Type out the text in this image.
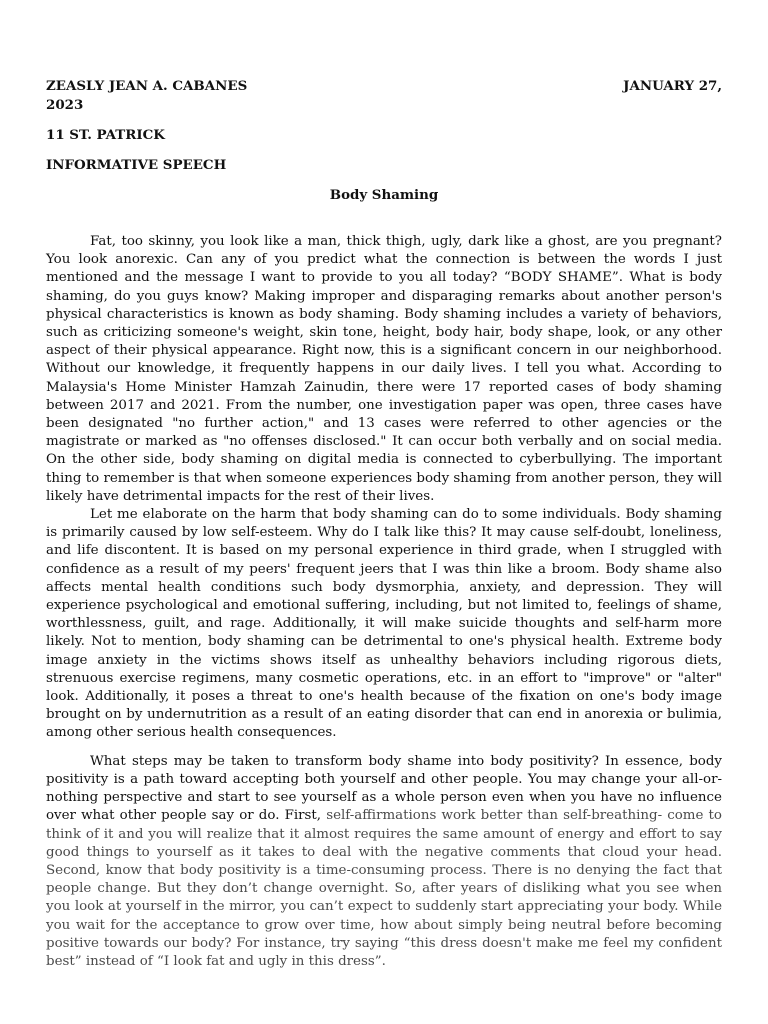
ZEASLY JEAN A. CABANES	JANUARY 27,
2023
11 ST. PATRICK
INFORMATIVE SPEECH
Body Shaming

Fat, too skinny, you look like a man, thick thigh, ugly, dark like a ghost, are you pregnant? You look anorexic. Can any of you predict what the connection is between the words I just mentioned and the message I want to provide to you all today? “BODY SHAME”. What is body shaming, do you guys know? Making improper and disparaging remarks about another person's physical characteristics is known as body shaming. Body shaming includes a variety of behaviors, such as criticizing someone's weight, skin tone, height, body hair, body shape, look, or any other aspect of their physical appearance. Right now, this is a significant concern in our neighborhood. Without our knowledge, it frequently happens in our daily lives. I tell you what. According to Malaysia's Home Minister Hamzah Zainudin, there were 17 reported cases of body shaming between 2017 and 2021. From the number, one investigation paper was open, three cases have been designated "no further action," and 13 cases were referred to other agencies or the magistrate or marked as "no offenses disclosed." It can occur both verbally and on social media. On the other side, body shaming on digital media is connected to cyberbullying. The important thing to remember is that when someone experiences body shaming from another person, they will likely have detrimental impacts for the rest of their lives.

Let me elaborate on the harm that body shaming can do to some individuals. Body shaming is primarily caused by low self-esteem. Why do I talk like this? It may cause self-doubt, loneliness, and life discontent. It is based on my personal experience in third grade, when I struggled with confidence as a result of my peers' frequent jeers that I was thin like a broom. Body shame also affects mental health conditions such body dysmorphia, anxiety, and depression. They will experience psychological and emotional suffering, including, but not limited to, feelings of shame, worthlessness, guilt, and rage. Additionally, it will make suicide thoughts and self-harm more likely. Not to mention, body shaming can be detrimental to one's physical health. Extreme body image anxiety in the victims shows itself as unhealthy behaviors including rigorous diets, strenuous exercise regimens, many cosmetic operations, etc. in an effort to "improve" or "alter" look. Additionally, it poses a threat to one's health because of the fixation on one's body image brought on by undernutrition as a result of an eating disorder that can end in anorexia or bulimia, among other serious health consequences.

What steps may be taken to transform body shame into body positivity? In essence, body positivity is a path toward accepting both yourself and other people. You may change your all-or-nothing perspective and start to see yourself as a whole person even when you have no influence over what other people say or do. First, self-affirmations work better than self-breathing- come to think of it and you will realize that it almost requires the same amount of energy and effort to say good things to yourself as it takes to deal with the negative comments that cloud your head. Second, know that body positivity is a time-consuming process. There is no denying the fact that people change. But they don’t change overnight. So, after years of disliking what you see when you look at yourself in the mirror, you can’t expect to suddenly start appreciating your body. While you wait for the acceptance to grow over time, how about simply being neutral before becoming positive towards our body? For instance, try saying “this dress doesn't make me feel my confident best” instead of “I look fat and ugly in this dress”.
